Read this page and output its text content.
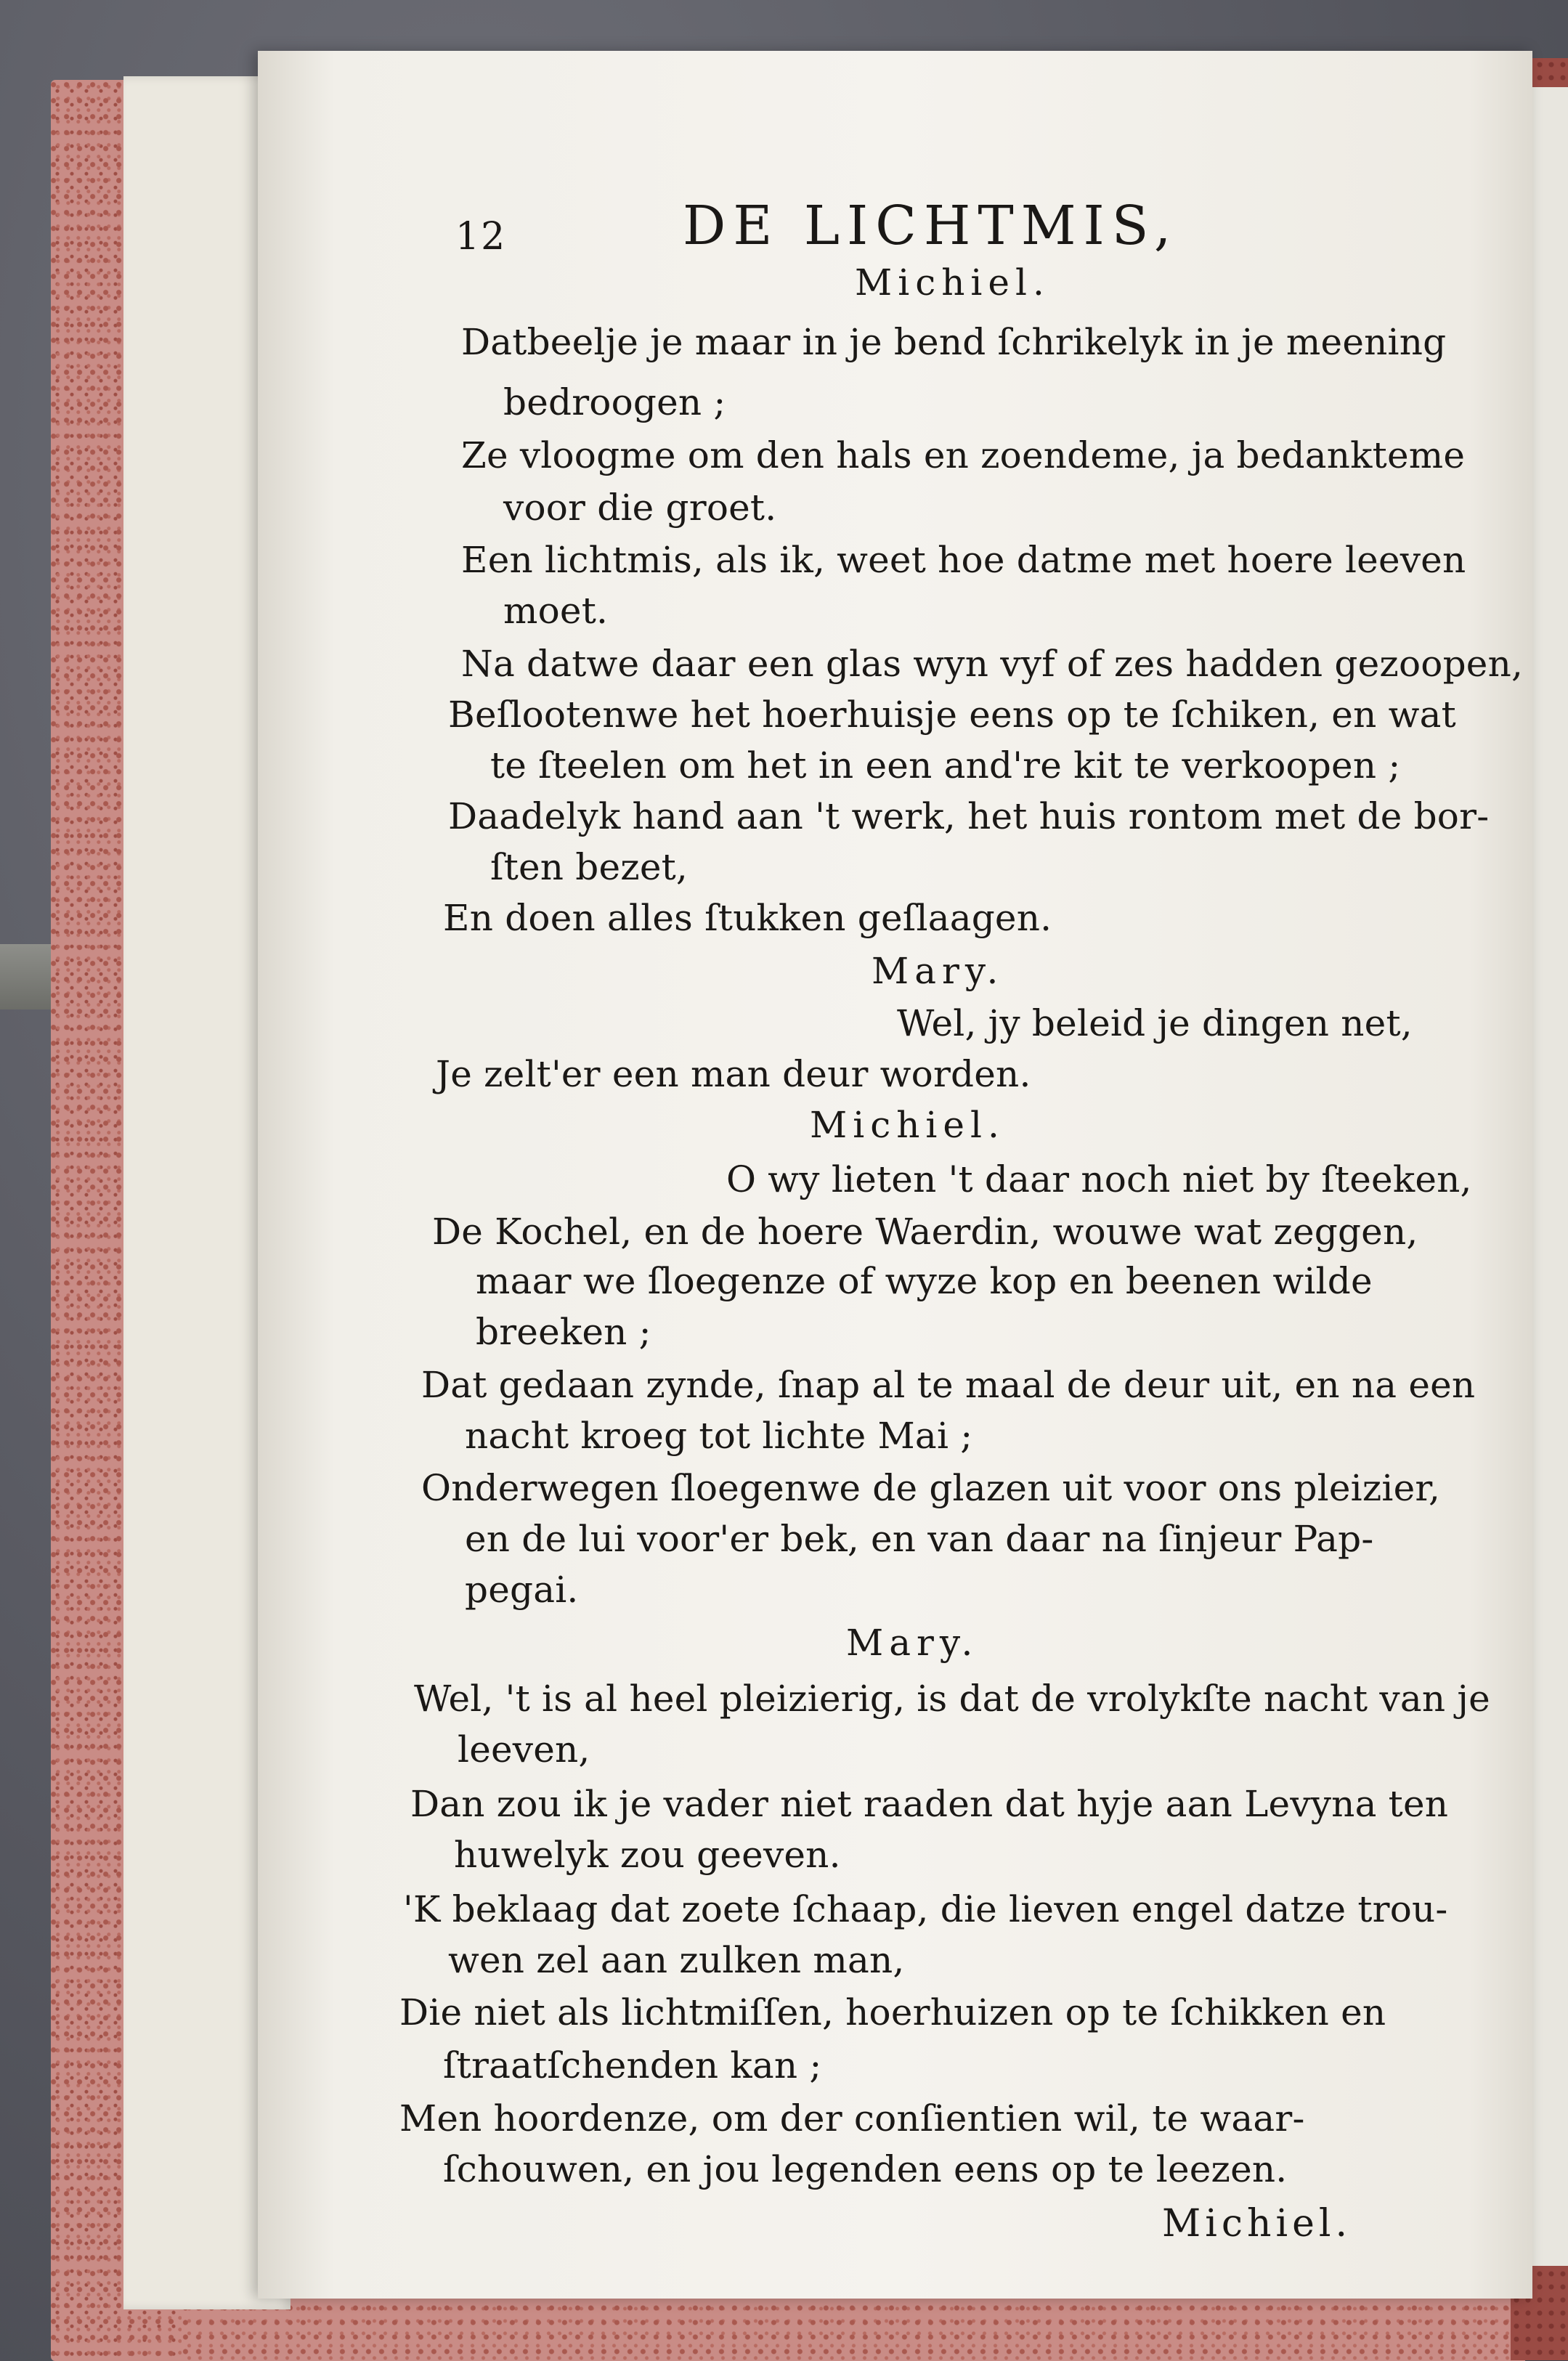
12	DE LICHTMIS,
Michiel.
Datbeelje je maar in je bend ſchrikelyk in je meening
bedroogen ;
Ze vloogme om den hals en zoendeme, ja bedankteme
voor die groet.
Een lichtmis, als ik, weet hoe datme met hoere leeven
moet.
Na datwe daar een glas wyn vyf of zes hadden gezoopen,
Beſlootenwe het hoerhuisje eens op te ſchiken, en wat
te ſteelen om het in een and're kit te verkoopen ;
Daadelyk hand aan 't werk, het huis rontom met de bor-
ſten bezet,
En doen alles ſtukken geſlaagen.
Mary.
Wel, jy beleid je dingen net,
Je zelt'er een man deur worden.
Michiel.
O wy lieten 't daar noch niet by ſteeken,
De Kochel, en de hoere Waerdin, wouwe wat zeggen,
maar we ſloegenze of wyze kop en beenen wilde
breeken ;
Dat gedaan zynde, ſnap al te maal de deur uit, en na een
nacht kroeg tot lichte Mai ;
Onderwegen ſloegenwe de glazen uit voor ons pleizier,
en de lui voor'er bek, en van daar na ſinjeur Pap-
pegai.
Mary.
Wel, 't is al heel pleizierig, is dat de vrolykſte nacht van je
leeven,
Dan zou ik je vader niet raaden dat hyje aan Levyna ten
huwelyk zou geeven.
'K beklaag dat zoete ſchaap, die lieven engel datze trou-
wen zel aan zulken man,
Die niet als lichtmiſſen, hoerhuizen op te ſchikken en
ſtraatſchenden kan ;
Men hoordenze, om der conſientien wil, te waar-
ſchouwen, en jou legenden eens op te leezen.
Michiel.
